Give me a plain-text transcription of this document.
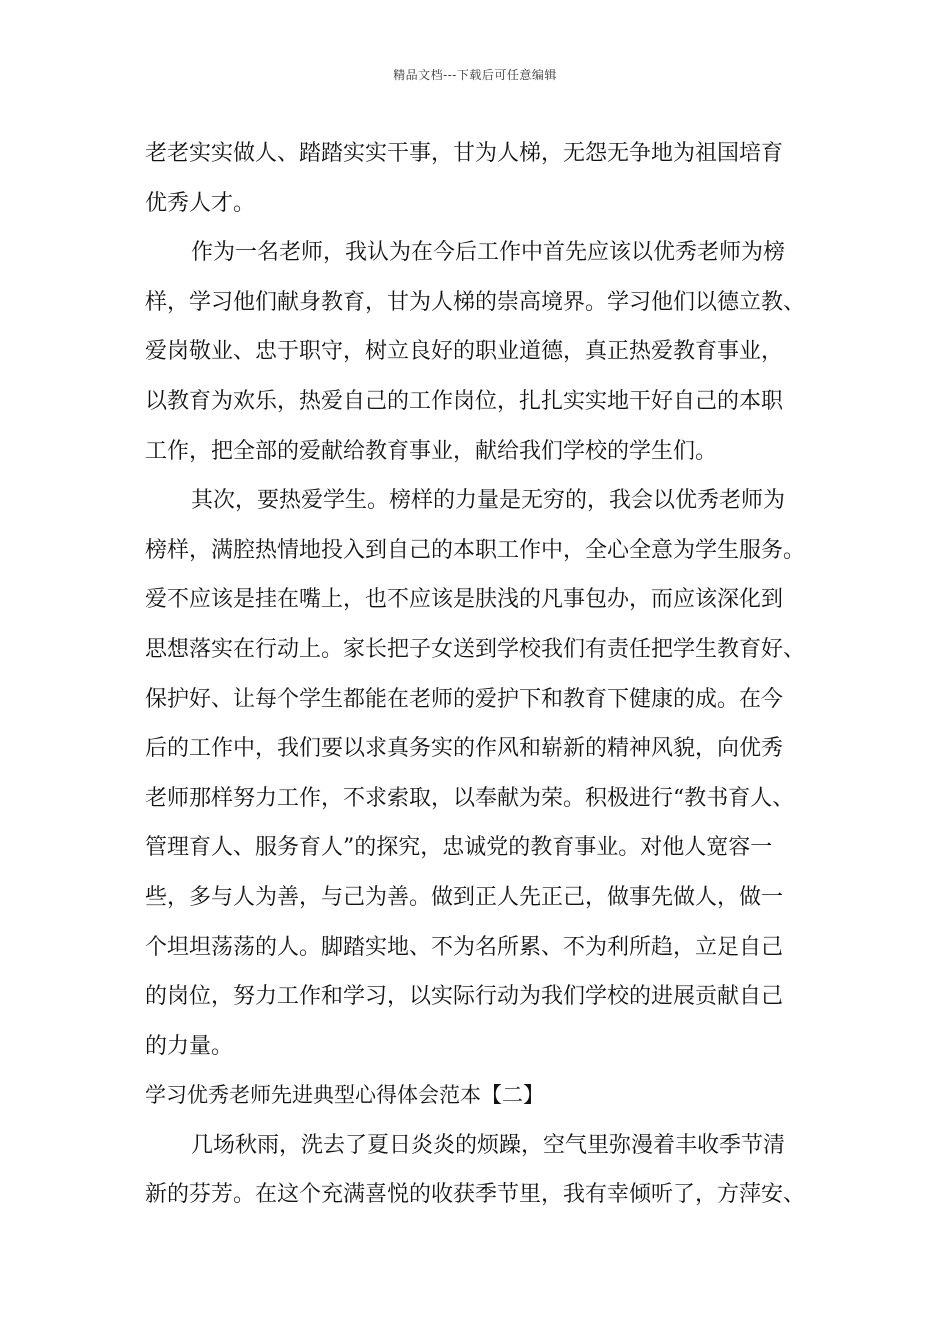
精品文档---下载后可任意编辑
老老实实做人、踏踏实实干事，甘为人梯，无怨无争地为祖国培育
优秀人才。
作为一名老师，我认为在今后工作中首先应该以优秀老师为榜
样，学习他们献身教育，甘为人梯的崇高境界。学习他们以德立教、
爱岗敬业、忠于职守，树立良好的职业道德，真正热爱教育事业，
以教育为欢乐，热爱自己的工作岗位，扎扎实实地干好自己的本职
工作，把全部的爱献给教育事业，献给我们学校的学生们。
其次，要热爱学生。榜样的力量是无穷的，我会以优秀老师为
榜样，满腔热情地投入到自己的本职工作中，全心全意为学生服务。
爱不应该是挂在嘴上，也不应该是肤浅的凡事包办，而应该深化到
思想落实在行动上。家长把子女送到学校我们有责任把学生教育好、
保护好、让每个学生都能在老师的爱护下和教育下健康的成。在今
后的工作中，我们要以求真务实的作风和崭新的精神风貌，向优秀
老师那样努力工作，不求索取，以奉献为荣。积极进行“教书育人、
管理育人、服务育人”的探究，忠诚党的教育事业。对他人宽容一
些，多与人为善，与己为善。做到正人先正己，做事先做人，做一
个坦坦荡荡的人。脚踏实地、不为名所累、不为利所趋，立足自己
的岗位，努力工作和学习，以实际行动为我们学校的进展贡献自己
的力量。
学习优秀老师先进典型心得体会范本【二】
几场秋雨，洗去了夏日炎炎的烦躁，空气里弥漫着丰收季节清
新的芬芳。在这个充满喜悦的收获季节里，我有幸倾听了，方萍安、
